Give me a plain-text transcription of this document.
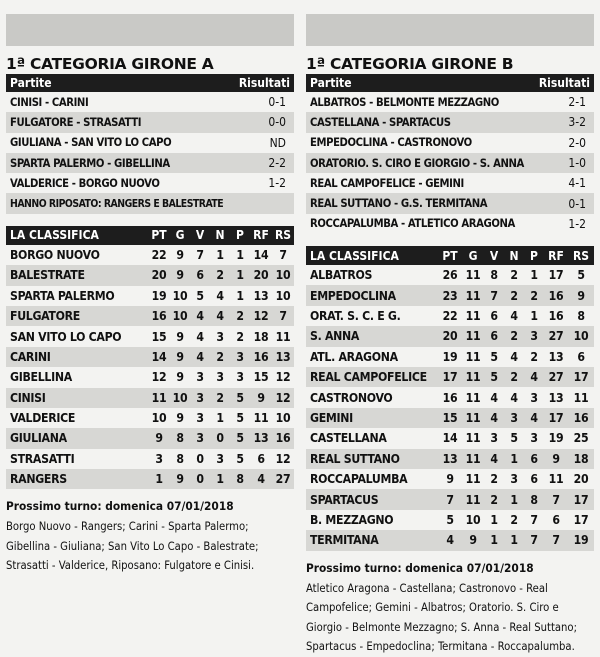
1ª CATEGORIA GIRONE A
Partite	Risultati
CINISI - CARINI	0-1
FULGATORE - STRASATTI	0-0
GIULIANA - SAN VITO LO CAPO	ND
SPARTA PALERMO - GIBELLINA	2-2
VALDERICE - BORGO NUOVO	1-2
HANNO RIPOSATO: RANGERS E BALESTRATE
LA CLASSIFICA	PT	G	V	N	P	RF	RS
BORGO NUOVO	22	9	7	1	1	14	7
BALESTRATE	20	9	6	2	1	20	10
SPARTA PALERMO	19	10	5	4	1	13	10
FULGATORE	16	10	4	4	2	12	7
SAN VITO LO CAPO	15	9	4	3	2	18	11
CARINI	14	9	4	2	3	16	13
GIBELLINA	12	9	3	3	3	15	12
CINISI	11	10	3	2	5	9	12
VALDERICE	10	9	3	1	5	11	10
GIULIANA	9	8	3	0	5	13	16
STRASATTI	3	8	0	3	5	6	12
RANGERS	1	9	0	1	8	4	27
Prossimo turno: domenica 07/01/2018
Borgo Nuovo - Rangers; Carini - Sparta Palermo; Gibellina - Giuliana; San Vito Lo Capo - Balestrate; Strasatti - Valderice, Riposano: Fulgatore e Cinisi.
1ª CATEGORIA GIRONE B
Partite	Risultati
ALBATROS - BELMONTE MEZZAGNO	2-1
CASTELLANA - SPARTACUS	3-2
EMPEDOCLINA - CASTRONOVO	2-0
ORATORIO. S. CIRO E GIORGIO - S. ANNA	1-0
REAL CAMPOFELICE - GEMINI	4-1
REAL SUTTANO - G.S. TERMITANA	0-1
ROCCAPALUMBA - ATLETICO ARAGONA	1-2
LA CLASSIFICA	PT	G	V	N	P	RF	RS
ALBATROS	26	11	8	2	1	17	5
EMPEDOCLINA	23	11	7	2	2	16	9
ORAT. S. C. E G.	22	11	6	4	1	16	8
S. ANNA	20	11	6	2	3	27	10
ATL. ARAGONA	19	11	5	4	2	13	6
REAL CAMPOFELICE	17	11	5	2	4	27	17
CASTRONOVO	16	11	4	4	3	13	11
GEMINI	15	11	4	3	4	17	16
CASTELLANA	14	11	3	5	3	19	25
REAL SUTTANO	13	11	4	1	6	9	18
ROCCAPALUMBA	9	11	2	3	6	11	20
SPARTACUS	7	11	2	1	8	7	17
B. MEZZAGNO	5	10	1	2	7	6	17
TERMITANA	4	9	1	1	7	7	19
Prossimo turno: domenica 07/01/2018
Atletico Aragona - Castellana; Castronovo - Real Campofelice; Gemini - Albatros; Oratorio. S. Ciro e Giorgio - Belmonte Mezzagno; S. Anna - Real Suttano; Spartacus - Empedoclina; Termitana - Roccapalumba.
